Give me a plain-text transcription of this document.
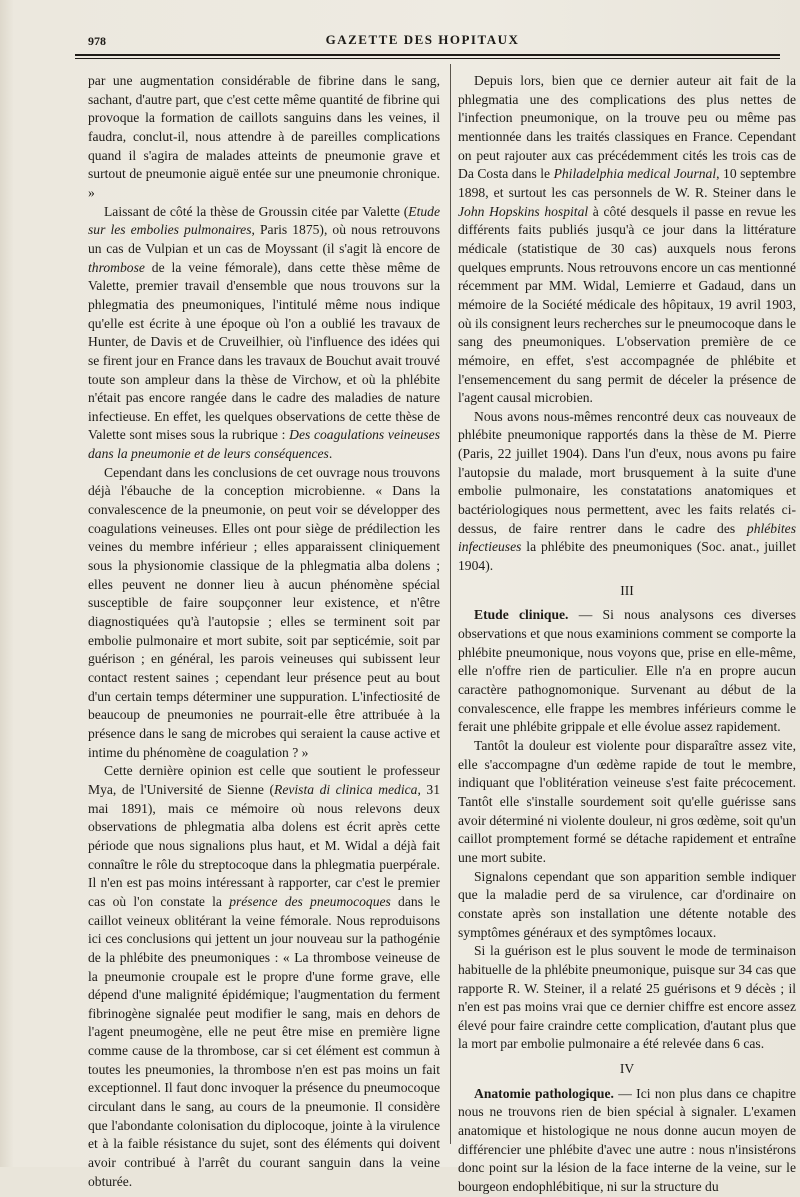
978	GAZETTE DES HOPITAUX

par une augmentation considérable de fibrine dans le sang, sachant, d'autre part, que c'est cette même quantité de fibrine qui provoque la formation de caillots sanguins dans les veines, il faudra, conclut-il, nous attendre à de pareilles complications quand il s'agira de malades atteints de pneumonie grave et surtout de pneumonie aiguë entée sur une pneumonie chronique. »

Laissant de côté la thèse de Groussin citée par Valette (Etude sur les embolies pulmonaires, Paris 1875), où nous retrouvons un cas de Vulpian et un cas de Moyssant (il s'agit là encore de thrombose de la veine fémorale), dans cette thèse même de Valette, premier travail d'ensemble que nous trouvons sur la phlegmatia des pneumoniques, l'intitulé même nous indique qu'elle est écrite à une époque où l'on a oublié les travaux de Hunter, de Davis et de Cruveilhier, où l'influence des idées qui se firent jour en France dans les travaux de Bouchut avait trouvé toute son ampleur dans la thèse de Virchow, et où la phlébite n'était pas encore rangée dans le cadre des maladies de nature infectieuse. En effet, les quelques observations de cette thèse de Valette sont mises sous la rubrique : Des coagulations veineuses dans la pneumonie et de leurs conséquences.

Cependant dans les conclusions de cet ouvrage nous trouvons déjà l'ébauche de la conception microbienne. « Dans la convalescence de la pneumonie, on peut voir se développer des coagulations veineuses. Elles ont pour siège de prédilection les veines du membre inférieur ; elles apparaissent cliniquement sous la physionomie classique de la phlegmatia alba dolens ; elles peuvent ne donner lieu à aucun phénomène spécial susceptible de faire soupçonner leur existence, et n'être diagnostiquées qu'à l'autopsie ; elles se terminent soit par embolie pulmonaire et mort subite, soit par septicémie, soit par guérison ; en général, les parois veineuses qui subissent leur contact restent saines ; cependant leur présence peut au bout d'un certain temps déterminer une suppuration. L'infectiosité de beaucoup de pneumonies ne pourrait-elle être attribuée à la présence dans le sang de microbes qui seraient la cause active et intime du phénomène de coagulation ? »

Cette dernière opinion est celle que soutient le professeur Mya, de l'Université de Sienne (Revista di clinica medica, 31 mai 1891), mais ce mémoire où nous relevons deux observations de phlegmatia alba dolens est écrit après cette période que nous signalions plus haut, et M. Widal a déjà fait connaître le rôle du streptocoque dans la phlegmatia puerpérale. Il n'en est pas moins intéressant à rapporter, car c'est le premier cas où l'on constate la présence des pneumocoques dans le caillot veineux oblitérant la veine fémorale. Nous reproduisons ici ces conclusions qui jettent un jour nouveau sur la pathogénie de la phlébite des pneumoniques : « La thrombose veineuse de la pneumonie croupale est le propre d'une forme grave, elle dépend d'une malignité épidémique; l'augmentation du ferment fibrinogène signalée peut modifier le sang, mais en dehors de l'agent pneumogène, elle ne peut être mise en première ligne comme cause de la thrombose, car si cet élément est commun à toutes les pneumonies, la thrombose n'en est pas moins un fait exceptionnel. Il faut donc invoquer la présence du pneumocoque circulant dans le sang, au cours de la pneumonie. Il considère que l'abondante colonisation du diplocoque, jointe à la virulence et à la faible résistance du sujet, sont des éléments qui doivent avoir contribué à l'arrêt du courant sanguin dans la veine obturée.

Depuis lors, bien que ce dernier auteur ait fait de la phlegmatia une des complications des plus nettes de l'infection pneumonique, on la trouve peu ou même pas mentionnée dans les traités classiques en France. Cependant on peut rajouter aux cas précédemment cités les trois cas de Da Costa dans le Philadelphia medical Journal, 10 septembre 1898, et surtout les cas personnels de W. R. Steiner dans le John Hopskins hospital à côté desquels il passe en revue les différents faits publiés jusqu'à ce jour dans la littérature médicale (statistique de 30 cas) auxquels nous ferons quelques emprunts. Nous retrouvons encore un cas mentionné récemment par MM. Widal, Lemierre et Gadaud, dans un mémoire de la Société médicale des hôpitaux, 19 avril 1903, où ils consignent leurs recherches sur le pneumocoque dans le sang des pneumoniques. L'observation première de ce mémoire, en effet, s'est accompagnée de phlébite et l'ensemencement du sang permit de déceler la présence de l'agent causal microbien.

Nous avons nous-mêmes rencontré deux cas nouveaux de phlébite pneumonique rapportés dans la thèse de M. Pierre (Paris, 22 juillet 1904). Dans l'un d'eux, nous avons pu faire l'autopsie du malade, mort brusquement à la suite d'une embolie pulmonaire, les constatations anatomiques et bactériologiques nous permettent, avec les faits relatés ci-dessus, de faire rentrer dans le cadre des phlébites infectieuses la phlébite des pneumoniques (Soc. anat., juillet 1904).

III

Etude clinique. — Si nous analysons ces diverses observations et que nous examinions comment se comporte la phlébite pneumonique, nous voyons que, prise en elle-même, elle n'offre rien de particulier. Elle n'a en propre aucun caractère pathognomonique. Survenant au début de la convalescence, elle frappe les membres inférieurs comme le ferait une phlébite grippale et elle évolue assez rapidement.

Tantôt la douleur est violente pour disparaître assez vite, elle s'accompagne d'un œdème rapide de tout le membre, indiquant que l'oblitération veineuse s'est faite précocement. Tantôt elle s'installe sourdement soit qu'elle guérisse sans avoir déterminé ni violente douleur, ni gros œdème, soit qu'un caillot promptement formé se détache rapidement et entraîne une mort subite.

Signalons cependant que son apparition semble indiquer que la maladie perd de sa virulence, car d'ordinaire on constate après son installation une détente notable des symptômes généraux et des symptômes locaux.

Si la guérison est le plus souvent le mode de terminaison habituelle de la phlébite pneumonique, puisque sur 34 cas que rapporte R. W. Steiner, il a relaté 25 guérisons et 9 décès ; il n'en est pas moins vrai que ce dernier chiffre est encore assez élevé pour faire craindre cette complication, d'autant plus que la mort par embolie pulmonaire a été relevée dans 6 cas.

IV

Anatomie pathologique. — Ici non plus dans ce chapitre nous ne trouvons rien de bien spécial à signaler. L'examen anatomique et histologique ne nous donne aucun moyen de différencier une phlébite d'avec une autre : nous n'insistérons donc point sur la lésion de la face interne de la veine, sur le bourgeon endophlébitique, ni sur la structure du
